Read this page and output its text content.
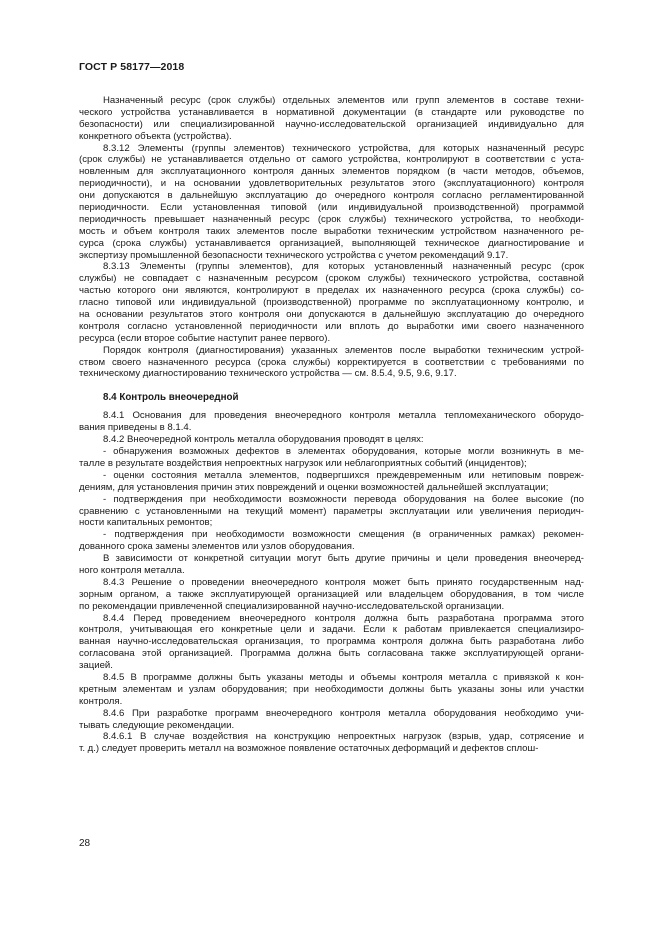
ГОСТ Р 58177—2018
Назначенный ресурс (срок службы) отдельных элементов или групп элементов в составе техни-
ческого устройства устанавливается в нормативной документации (в стандарте или руководстве по
безопасности) или специализированной научно-исследовательской организацией индивидуально для
конкретного объекта (устройства).
8.3.12 Элементы (группы элементов) технического устройства, для которых назначенный ресурс
(срок службы) не устанавливается отдельно от самого устройства, контролируют в соответствии с уста-
новленным для эксплуатационного контроля данных элементов порядком (в части методов, объемов,
периодичности), и на основании удовлетворительных результатов этого (эксплуатационного) контроля
они допускаются в дальнейшую эксплуатацию до очередного контроля согласно регламентированной
периодичности. Если установленная типовой (или индивидуальной производственной) программой
периодичность превышает назначенный ресурс (срок службы) технического устройства, то необходи-
мость и объем контроля таких элементов после выработки техническим устройством назначенного ре-
сурса (срока службы) устанавливается организацией, выполняющей техническое диагностирование и
экспертизу промышленной безопасности технического устройства с учетом рекомендаций 9.17.
8.3.13 Элементы (группы элементов), для которых установленный назначенный ресурс (срок
службы) не совпадает с назначенным ресурсом (сроком службы) технического устройства, составной
частью которого они являются, контролируют в пределах их назначенного ресурса (срока службы) со-
гласно типовой или индивидуальной (производственной) программе по эксплуатационному контролю, и
на основании результатов этого контроля они допускаются в дальнейшую эксплуатацию до очередного
контроля согласно установленной периодичности или вплоть до выработки ими своего назначенного
ресурса (если второе событие наступит ранее первого).
Порядок контроля (диагностирования) указанных элементов после выработки техническим устрой-
ством своего назначенного ресурса (срока службы) корректируется в соответствии с требованиями по
техническому диагностированию технического устройства — см. 8.5.4, 9.5, 9.6, 9.17.
8.4 Контроль внеочередной
8.4.1 Основания для проведения внеочередного контроля металла тепломеханического оборудо-
вания приведены в 8.1.4.
8.4.2 Внеочередной контроль металла оборудования проводят в целях:
- обнаружения возможных дефектов в элементах оборудования, которые могли возникнуть в ме-
талле в результате воздействия непроектных нагрузок или неблагоприятных событий (инцидентов);
- оценки состояния металла элементов, подвергшихся преждевременным или нетиповым повреж-
дениям, для установления причин этих повреждений и оценки возможностей дальнейшей эксплуатации;
- подтверждения при необходимости возможности перевода оборудования на более высокие (по
сравнению с установленными на текущий момент) параметры эксплуатации или увеличения периодич-
ности капитальных ремонтов;
- подтверждения при необходимости возможности смещения (в ограниченных рамках) рекомен-
дованного срока замены элементов или узлов оборудования.
В зависимости от конкретной ситуации могут быть другие причины и цели проведения внеочеред-
ного контроля металла.
8.4.3 Решение о проведении внеочередного контроля может быть принято государственным над-
зорным органом, а также эксплуатирующей организацией или владельцем оборудования, в том числе
по рекомендации привлеченной специализированной научно-исследовательской организации.
8.4.4 Перед проведением внеочередного контроля должна быть разработана программа этого
контроля, учитывающая его конкретные цели и задачи. Если к работам привлекается специализиро-
ванная научно-исследовательская организация, то программа контроля должна быть разработана либо
согласована этой организацией. Программа должна быть согласована также эксплуатирующей органи-
зацией.
8.4.5 В программе должны быть указаны методы и объемы контроля металла с привязкой к кон-
кретным элементам и узлам оборудования; при необходимости должны быть указаны зоны или участки
контроля.
8.4.6 При разработке программ внеочередного контроля металла оборудования необходимо учи-
тывать следующие рекомендации.
8.4.6.1 В случае воздействия на конструкцию непроектных нагрузок (взрыв, удар, сотрясение и
т. д.) следует проверить металл на возможное появление остаточных деформаций и дефектов сплош-
28
